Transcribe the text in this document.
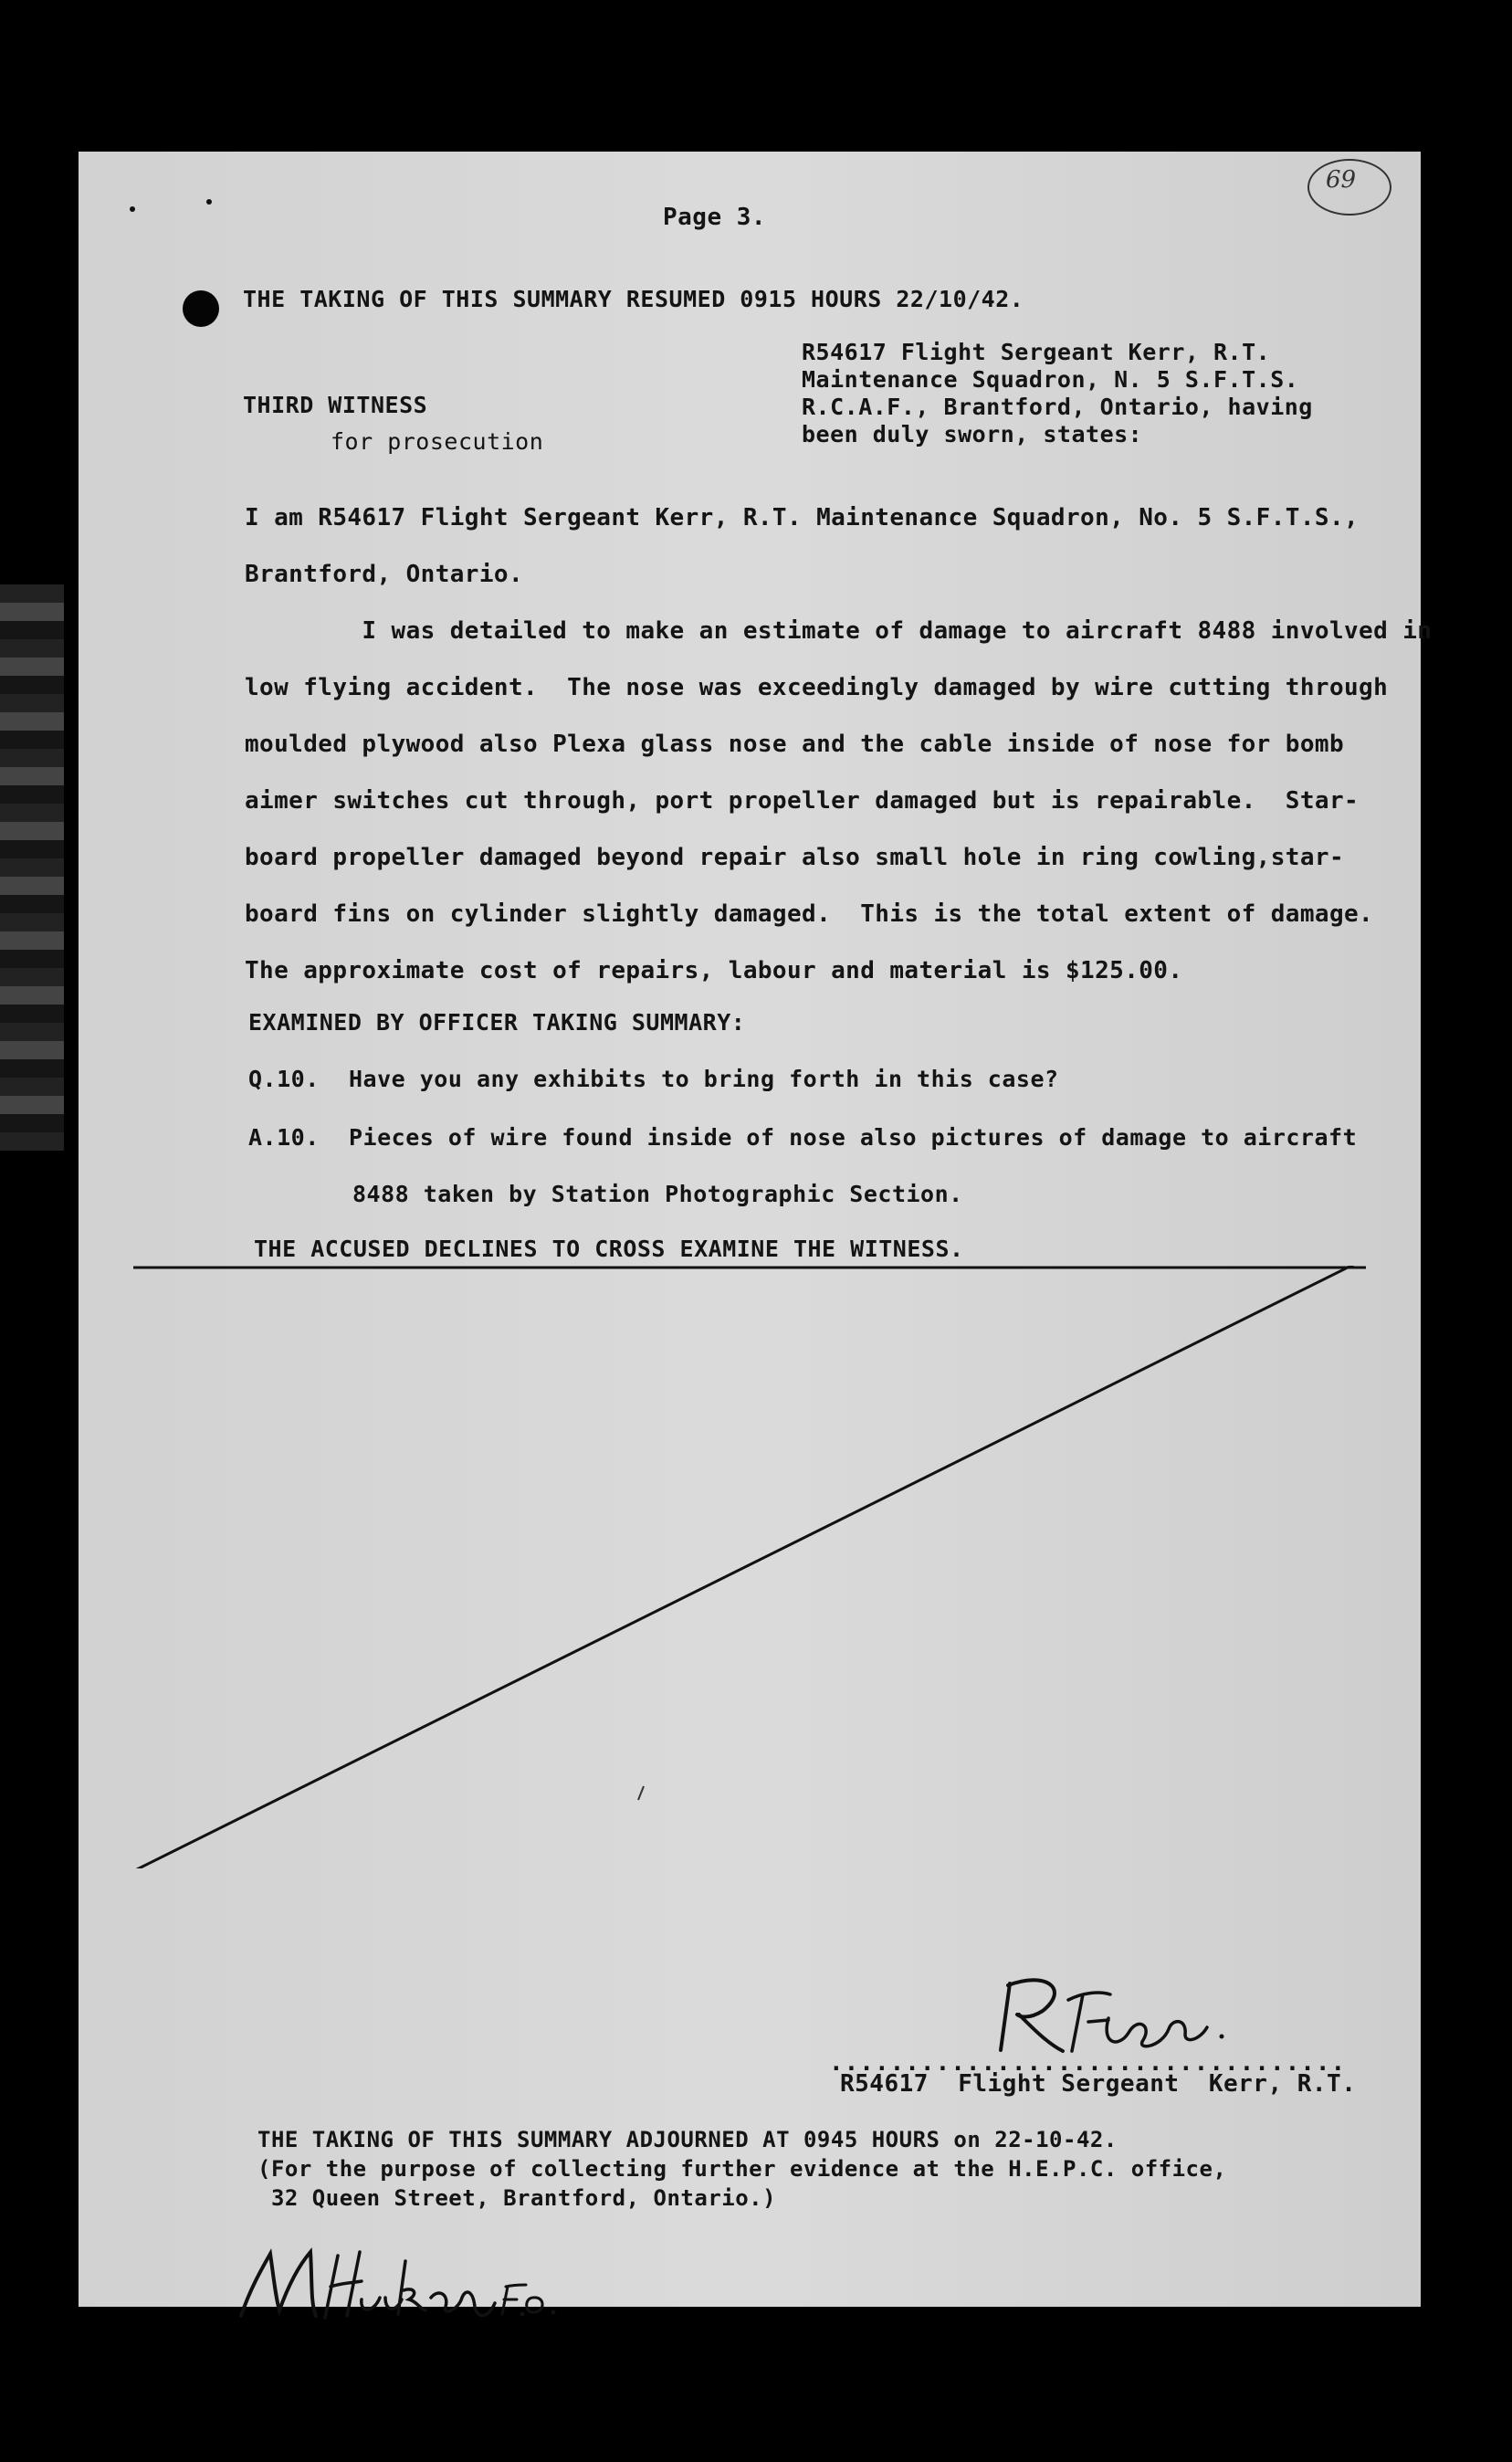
69
Page 3.
THE TAKING OF THIS SUMMARY RESUMED 0915 HOURS 22/10/42.
R54617 Flight Sergeant Kerr, R.T.
Maintenance Squadron, N. 5 S.F.T.S.
THIRD WITNESS	R.C.A.F., Brantford, Ontario, having
for prosecution	been duly sworn, states:
I am R54617 Flight Sergeant Kerr, R.T. Maintenance Squadron, No. 5 S.F.T.S.,
Brantford, Ontario.
I was detailed to make an estimate of damage to aircraft 8488 involved in
low flying accident.  The nose was exceedingly damaged by wire cutting through
moulded plywood also Plexa glass nose and the cable inside of nose for bomb
aimer switches cut through, port propeller damaged but is repairable.  Star-
board propeller damaged beyond repair also small hole in ring cowling,star-
board fins on cylinder slightly damaged.  This is the total extent of damage.
The approximate cost of repairs, labour and material is $125.00.
EXAMINED BY OFFICER TAKING SUMMARY:
Q.10. Have you any exhibits to bring forth in this case?
A.10. Pieces of wire found inside of nose also pictures of damage to aircraft
8488 taken by Station Photographic Section.
THE ACCUSED DECLINES TO CROSS EXAMINE THE WITNESS.
..................................
R54617  Flight Sergeant  Kerr, R.T.
THE TAKING OF THIS SUMMARY ADJOURNED AT 0945 HOURS on 22-10-42.
(For the purpose of collecting further evidence at the H.E.P.C. office,
32 Queen Street, Brantford, Ontario.)
